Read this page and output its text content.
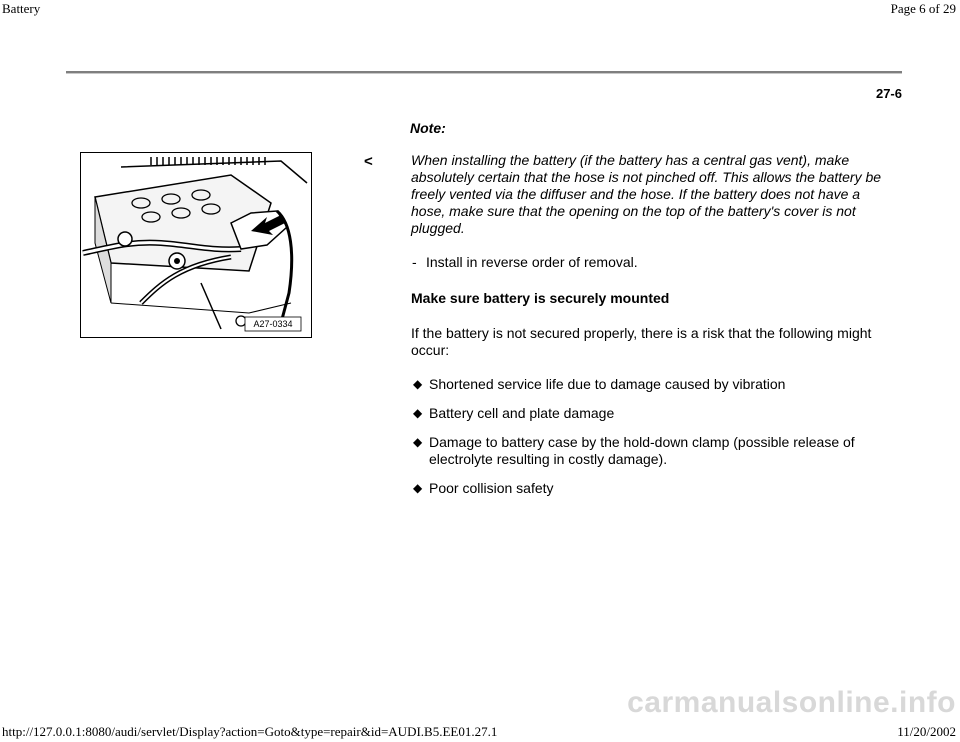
Battery	Page 6 of 29
27-6
Note:
A27-0334
<	When installing the battery (if the battery has a central gas vent), make absolutely certain that the hose is not pinched off. This allows the battery be freely vented via the diffuser and the hose. If the battery does not have a hose, make sure that the opening on the top of the battery's cover is not plugged.
- Install in reverse order of removal.
Make sure battery is securely mounted
If the battery is not secured properly, there is a risk that the following might occur:
◆ Shortened service life due to damage caused by vibration
◆ Battery cell and plate damage
◆ Damage to battery case by the hold-down clamp (possible release of electrolyte resulting in costly damage).
◆ Poor collision safety
carmanualsonline.info
http://127.0.0.1:8080/audi/servlet/Display?action=Goto&type=repair&id=AUDI.B5.EE01.27.1	11/20/2002
